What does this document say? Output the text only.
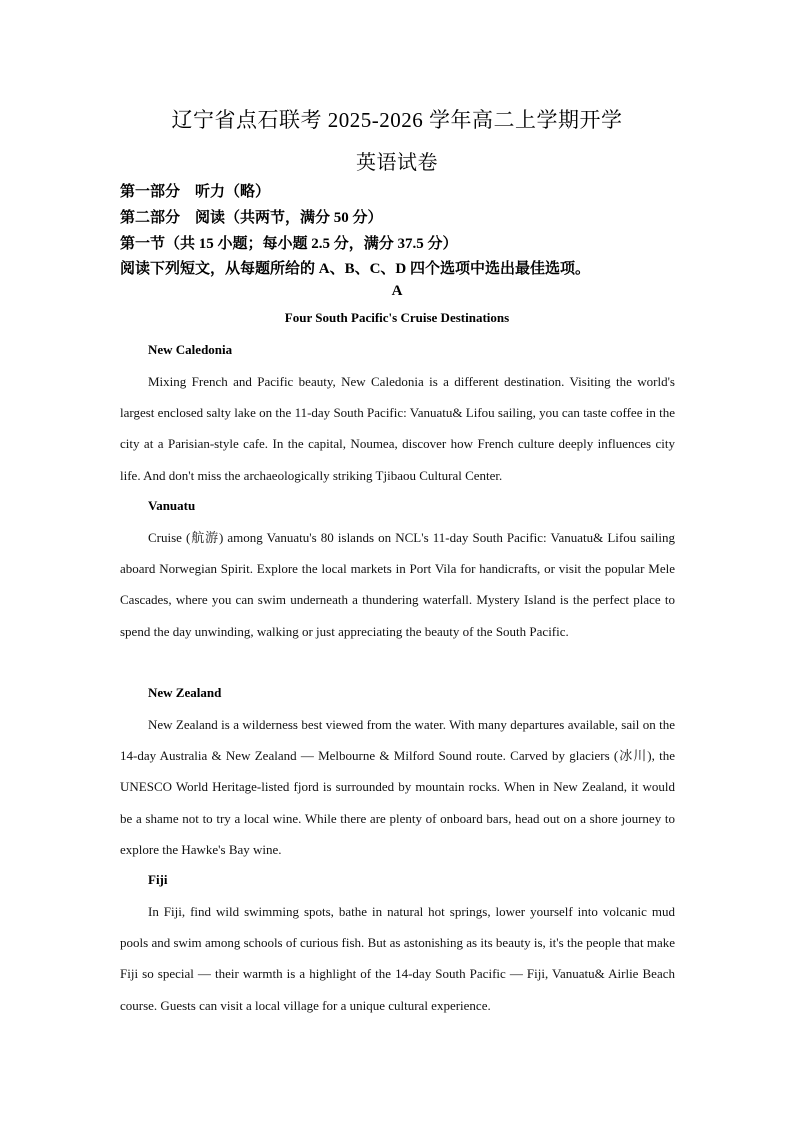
辽宁省点石联考 2025-2026 学年高二上学期开学
英语试卷
第一部分　听力（略）
第二部分　阅读（共两节，满分 50 分）
第一节（共 15 小题；每小题 2.5 分，满分 37.5 分）
阅读下列短文，从每题所给的 A、B、C、D 四个选项中选出最佳选项。
A
Four South Pacific's Cruise Destinations
New Caledonia
Mixing French and Pacific beauty, New Caledonia is a different destination. Visiting the world's largest enclosed salty lake on the 11-day South Pacific: Vanuatu& Lifou sailing, you can taste coffee in the city at a Parisian-style cafe. In the capital, Noumea, discover how French culture deeply influences city life. And don't miss the archaeologically striking Tjibaou Cultural Center.
Vanuatu
Cruise (航游) among Vanuatu's 80 islands on NCL's 11-day South Pacific: Vanuatu& Lifou sailing aboard Norwegian Spirit. Explore the local markets in Port Vila for handicrafts, or visit the popular Mele Cascades, where you can swim underneath a thundering waterfall. Mystery Island is the perfect place to spend the day unwinding, walking or just appreciating the beauty of the South Pacific.
New Zealand
New Zealand is a wilderness best viewed from the water. With many departures available, sail on the 14-day Australia & New Zealand — Melbourne & Milford Sound route. Carved by glaciers (冰川), the UNESCO World Heritage-listed fjord is surrounded by mountain rocks. When in New Zealand, it would be a shame not to try a local wine. While there are plenty of onboard bars, head out on a shore journey to explore the Hawke's Bay wine.
Fiji
In Fiji, find wild swimming spots, bathe in natural hot springs, lower yourself into volcanic mud pools and swim among schools of curious fish. But as astonishing as its beauty is, it's the people that make Fiji so special — their warmth is a highlight of the 14-day South Pacific — Fiji, Vanuatu& Airlie Beach course. Guests can visit a local village for a unique cultural experience.
